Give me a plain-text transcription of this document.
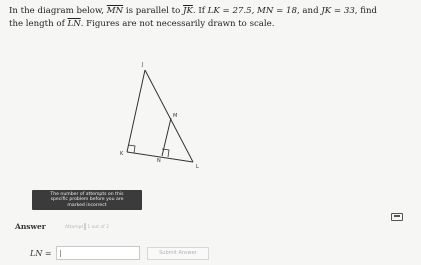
In the diagram below, $\overline{MN}$ is parallel to $\overline{JK}$. If LK = 27.5, MN = 18, and JK = 33, find
the length of $\overline{LN}$. Figures are not necessarily drawn to scale.
J
M
K
N
L
The number of attempts on this
specific problem before you are
marked incorrect
Answer	Attempt 1 out of 2
LN =	Submit Answer
